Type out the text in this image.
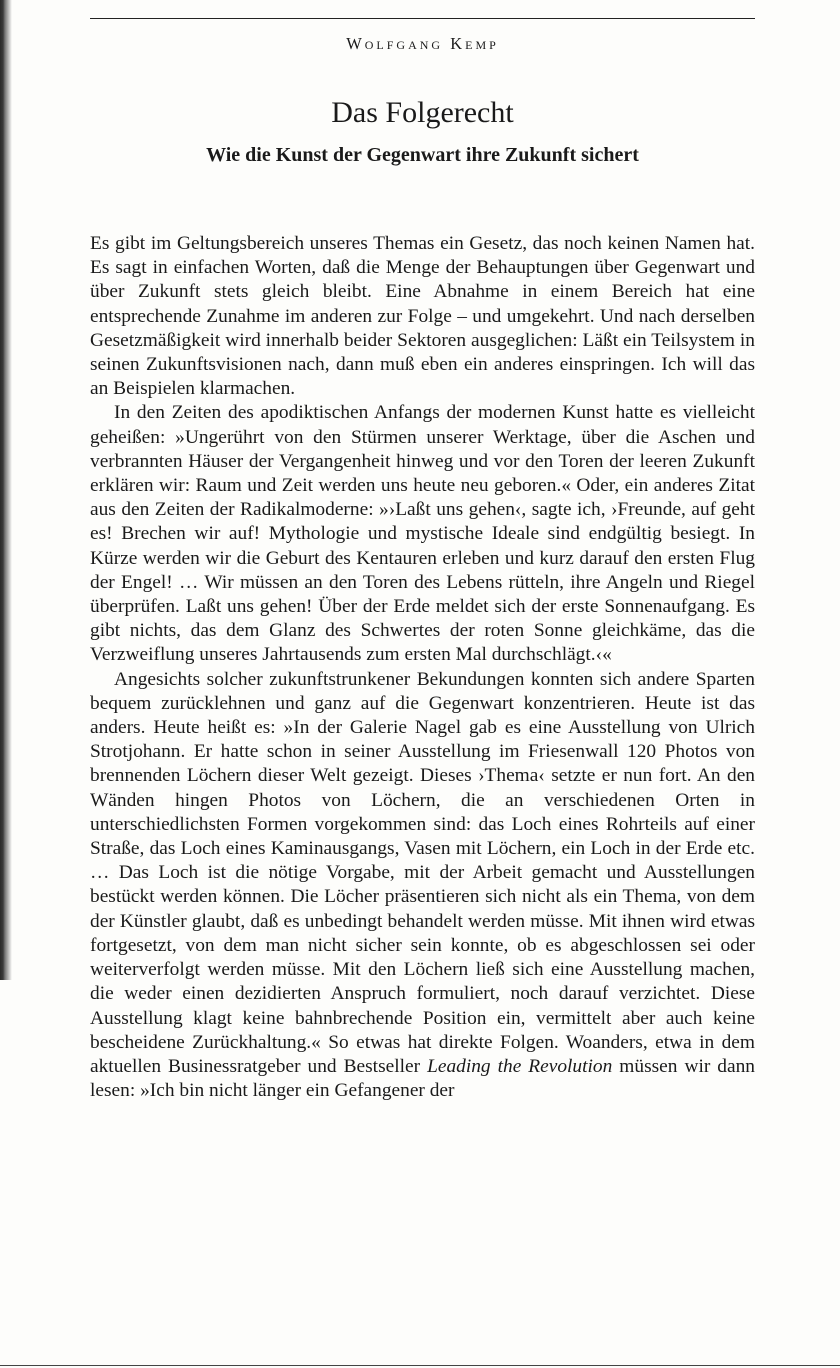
Wolfgang Kemp
Das Folgerecht
Wie die Kunst der Gegenwart ihre Zukunft sichert

Es gibt im Geltungsbereich unseres Themas ein Gesetz, das noch keinen Namen hat. Es sagt in einfachen Worten, daß die Menge der Behauptungen über Gegenwart und über Zukunft stets gleich bleibt. Eine Abnahme in einem Bereich hat eine entsprechende Zunahme im anderen zur Folge – und umgekehrt. Und nach derselben Gesetzmäßigkeit wird innerhalb beider Sektoren ausgeglichen: Läßt ein Teilsystem in seinen Zukunftsvisionen nach, dann muß eben ein anderes einspringen. Ich will das an Beispielen klarmachen.

In den Zeiten des apodiktischen Anfangs der modernen Kunst hatte es vielleicht geheißen: »Ungerührt von den Stürmen unserer Werktage, über die Aschen und verbrannten Häuser der Vergangenheit hinweg und vor den Toren der leeren Zukunft erklären wir: Raum und Zeit werden uns heute neu geboren.« Oder, ein anderes Zitat aus den Zeiten der Radikalmoderne: »›Laßt uns gehen‹, sagte ich, ›Freunde, auf geht es! Brechen wir auf! Mythologie und mystische Ideale sind endgültig besiegt. In Kürze werden wir die Geburt des Kentauren erleben und kurz darauf den ersten Flug der Engel! … Wir müssen an den Toren des Lebens rütteln, ihre Angeln und Riegel überprüfen. Laßt uns gehen! Über der Erde meldet sich der erste Sonnenaufgang. Es gibt nichts, das dem Glanz des Schwertes der roten Sonne gleichkäme, das die Verzweiflung unseres Jahrtausends zum ersten Mal durchschlägt.‹«

Angesichts solcher zukunftstrunkener Bekundungen konnten sich andere Sparten bequem zurücklehnen und ganz auf die Gegenwart konzentrieren. Heute ist das anders. Heute heißt es: »In der Galerie Nagel gab es eine Ausstellung von Ulrich Strotjohann. Er hatte schon in seiner Ausstellung im Friesenwall 120 Photos von brennenden Löchern dieser Welt gezeigt. Dieses ›Thema‹ setzte er nun fort. An den Wänden hingen Photos von Löchern, die an verschiedenen Orten in unterschiedlichsten Formen vorgekommen sind: das Loch eines Rohrteils auf einer Straße, das Loch eines Kaminausgangs, Vasen mit Löchern, ein Loch in der Erde etc. … Das Loch ist die nötige Vorgabe, mit der Arbeit gemacht und Ausstellungen bestückt werden können. Die Löcher präsentieren sich nicht als ein Thema, von dem der Künstler glaubt, daß es unbedingt behandelt werden müsse. Mit ihnen wird etwas fortgesetzt, von dem man nicht sicher sein konnte, ob es abgeschlossen sei oder weiterverfolgt werden müsse. Mit den Löchern ließ sich eine Ausstellung machen, die weder einen dezidierten Anspruch formuliert, noch darauf verzichtet. Diese Ausstellung klagt keine bahnbrechende Position ein, vermittelt aber auch keine bescheidene Zurückhaltung.« So etwas hat direkte Folgen. Woanders, etwa in dem aktuellen Businessratgeber und Bestseller Leading the Revolution müssen wir dann lesen: »Ich bin nicht länger ein Gefangener der
